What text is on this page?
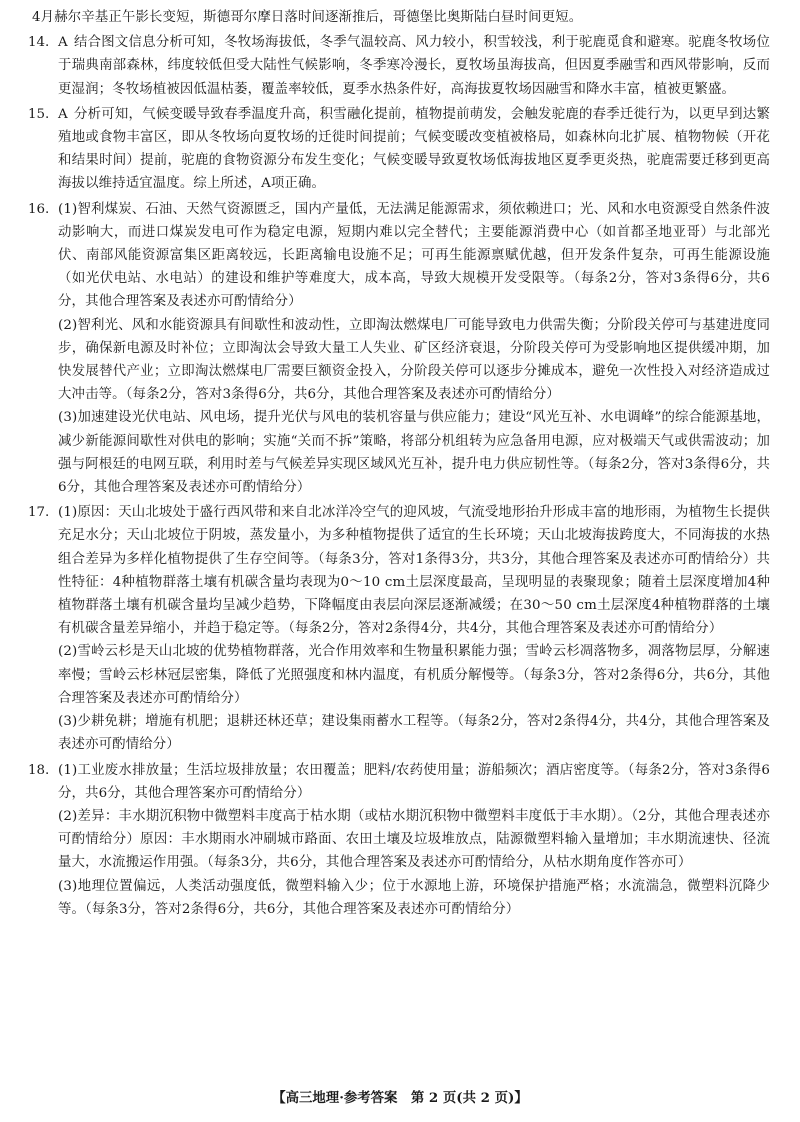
4月赫尔辛基正午影长变短，斯德哥尔摩日落时间逐渐推后，哥德堡比奥斯陆白昼时间更短。

14. A 结合图文信息分析可知，冬牧场海拔低，冬季气温较高、风力较小，积雪较浅，利于驼鹿觅食和避寒。驼鹿冬牧场位于瑞典南部森林，纬度较低但受大陆性气候影响，冬季寒冷漫长，夏牧场虽海拔高，但因夏季融雪和西风带影响，反而更湿润；冬牧场植被因低温枯萎，覆盖率较低，夏季水热条件好，高海拔夏牧场因融雪和降水丰富，植被更繁盛。

15. A 分析可知，气候变暖导致春季温度升高，积雪融化提前，植物提前萌发，会触发驼鹿的春季迁徙行为，以更早到达繁殖地或食物丰富区，即从冬牧场向夏牧场的迁徙时间提前；气候变暖改变植被格局，如森林向北扩展、植物物候（开花和结果时间）提前，驼鹿的食物资源分布发生变化；气候变暖导致夏牧场低海拔地区夏季更炎热，驼鹿需要迁移到更高海拔以维持适宜温度。综上所述，A项正确。

16. (1)智利煤炭、石油、天然气资源匮乏，国内产量低，无法满足能源需求，须依赖进口；光、风和水电资源受自然条件波动影响大，而进口煤炭发电可作为稳定电源，短期内难以完全替代；主要能源消费中心（如首都圣地亚哥）与北部光伏、南部风能资源富集区距离较远，长距离输电设施不足；可再生能源禀赋优越，但开发条件复杂，可再生能源设施（如光伏电站、水电站）的建设和维护等难度大，成本高，导致大规模开发受限等。（每条2分，答对3条得6分，共6分，其他合理答案及表述亦可酌情给分）

(2)智利光、风和水能资源具有间歇性和波动性，立即淘汰燃煤电厂可能导致电力供需失衡；分阶段关停可与基建进度同步，确保新电源及时补位；立即淘汰会导致大量工人失业、矿区经济衰退，分阶段关停可为受影响地区提供缓冲期，加快发展替代产业；立即淘汰燃煤电厂需要巨额资金投入，分阶段关停可以逐步分摊成本，避免一次性投入对经济造成过大冲击等。（每条2分，答对3条得6分，共6分，其他合理答案及表述亦可酌情给分）

(3)加速建设光伏电站、风电场，提升光伏与风电的装机容量与供应能力；建设“风光互补、水电调峰”的综合能源基地，减少新能源间歇性对供电的影响；实施“关而不拆”策略，将部分机组转为应急备用电源，应对极端天气或供需波动；加强与阿根廷的电网互联，利用时差与气候差异实现区域风光互补，提升电力供应韧性等。（每条2分，答对3条得6分，共6分，其他合理答案及表述亦可酌情给分）

17. (1)原因：天山北坡处于盛行西风带和来自北冰洋冷空气的迎风坡，气流受地形抬升形成丰富的地形雨，为植物生长提供充足水分；天山北坡位于阴坡，蒸发量小，为多种植物提供了适宜的生长环境；天山北坡海拔跨度大，不同海拔的水热组合差异为多样化植物提供了生存空间等。（每条3分，答对1条得3分，共3分，其他合理答案及表述亦可酌情给分）共性特征：4种植物群落土壤有机碳含量均表现为0～10 cm土层深度最高，呈现明显的表聚现象；随着土层深度增加4种植物群落土壤有机碳含量均呈减少趋势，下降幅度由表层向深层逐渐减缓；在30～50 cm土层深度4种植物群落的土壤有机碳含量差异缩小，并趋于稳定等。（每条2分，答对2条得4分，共4分，其他合理答案及表述亦可酌情给分）

(2)雪岭云杉是天山北坡的优势植物群落，光合作用效率和生物量积累能力强；雪岭云杉凋落物多，凋落物层厚，分解速率慢；雪岭云杉林冠层密集，降低了光照强度和林内温度，有机质分解慢等。（每条3分，答对2条得6分，共6分，其他合理答案及表述亦可酌情给分）

(3)少耕免耕；增施有机肥；退耕还林还草；建设集雨蓄水工程等。（每条2分，答对2条得4分，共4分，其他合理答案及表述亦可酌情给分）

18. (1)工业废水排放量；生活垃圾排放量；农田覆盖；肥料/农药使用量；游船频次；酒店密度等。（每条2分，答对3条得6分，共6分，其他合理答案亦可酌情给分）

(2)差异：丰水期沉积物中微塑料丰度高于枯水期（或枯水期沉积物中微塑料丰度低于丰水期）。（2分，其他合理表述亦可酌情给分）原因：丰水期雨水冲刷城市路面、农田土壤及垃圾堆放点，陆源微塑料输入量增加；丰水期流速快、径流量大，水流搬运作用强。（每条3分，共6分，其他合理答案及表述亦可酌情给分，从枯水期角度作答亦可）

(3)地理位置偏远，人类活动强度低，微塑料输入少；位于水源地上游，环境保护措施严格；水流湍急，微塑料沉降少等。（每条3分，答对2条得6分，共6分，其他合理答案及表述亦可酌情给分）

【高三地理·参考答案　第 2 页(共 2 页)】
